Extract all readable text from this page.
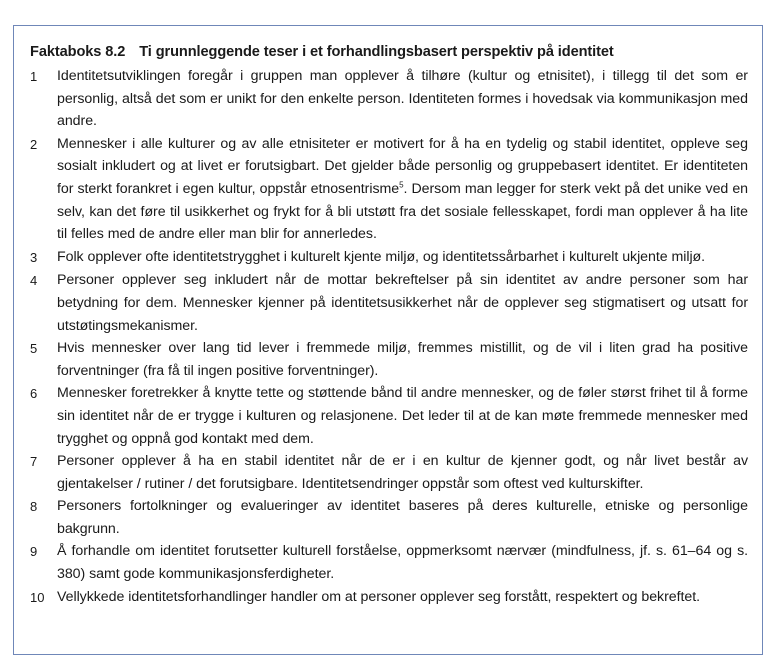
Faktaboks 8.2 Ti grunnleggende teser i et forhandlingsbasert perspektiv på identitet
1	Identitetsutviklingen foregår i gruppen man opplever å tilhøre (kultur og etnisitet), i tillegg til det som er personlig, altså det som er unikt for den enkelte person. Identiteten formes i hovedsak via kommunikasjon med andre.
2	Mennesker i alle kulturer og av alle etnisiteter er motivert for å ha en tydelig og stabil identitet, oppleve seg sosialt inkludert og at livet er forutsigbart. Det gjelder både personlig og gruppebasert identitet. Er identiteten for sterkt forankret i egen kultur, oppstår etnosentrisme$^5$. Dersom man legger for sterk vekt på det unike ved en selv, kan det føre til usikkerhet og frykt for å bli utstøtt fra det sosiale fellesskapet, fordi man opplever å ha lite til felles med de andre eller man blir for annerledes.
3	Folk opplever ofte identitetstrygghet i kulturelt kjente miljø, og identitetssårbarhet i kulturelt ukjente miljø.
4	Personer opplever seg inkludert når de mottar bekreftelser på sin identitet av andre personer som har betydning for dem. Mennesker kjenner på identitetsusikkerhet når de opplever seg stigmatisert og utsatt for utstøtingsmekanismer.
5	Hvis mennesker over lang tid lever i fremmede miljø, fremmes mistillit, og de vil i liten grad ha positive forventninger (fra få til ingen positive forventninger).
6	Mennesker foretrekker å knytte tette og støttende bånd til andre mennesker, og de føler størst frihet til å forme sin identitet når de er trygge i kulturen og relasjonene. Det leder til at de kan møte fremmede mennesker med trygghet og oppnå god kontakt med dem.
7	Personer opplever å ha en stabil identitet når de er i en kultur de kjenner godt, og når livet består av gjentakelser / rutiner / det forutsigbare. Identitetsendringer oppstår som oftest ved kulturskifter.
8	Personers fortolkninger og evalueringer av identitet baseres på deres kulturelle, etniske og personlige bakgrunn.
9	Å forhandle om identitet forutsetter kulturell forståelse, oppmerksomt nærvær (mindfulness, jf. s. 61–64 og s. 380) samt gode kommunikasjonsferdigheter.
10 Vellykkede identitetsforhandlinger handler om at personer opplever seg forstått, respektert og bekreftet.
